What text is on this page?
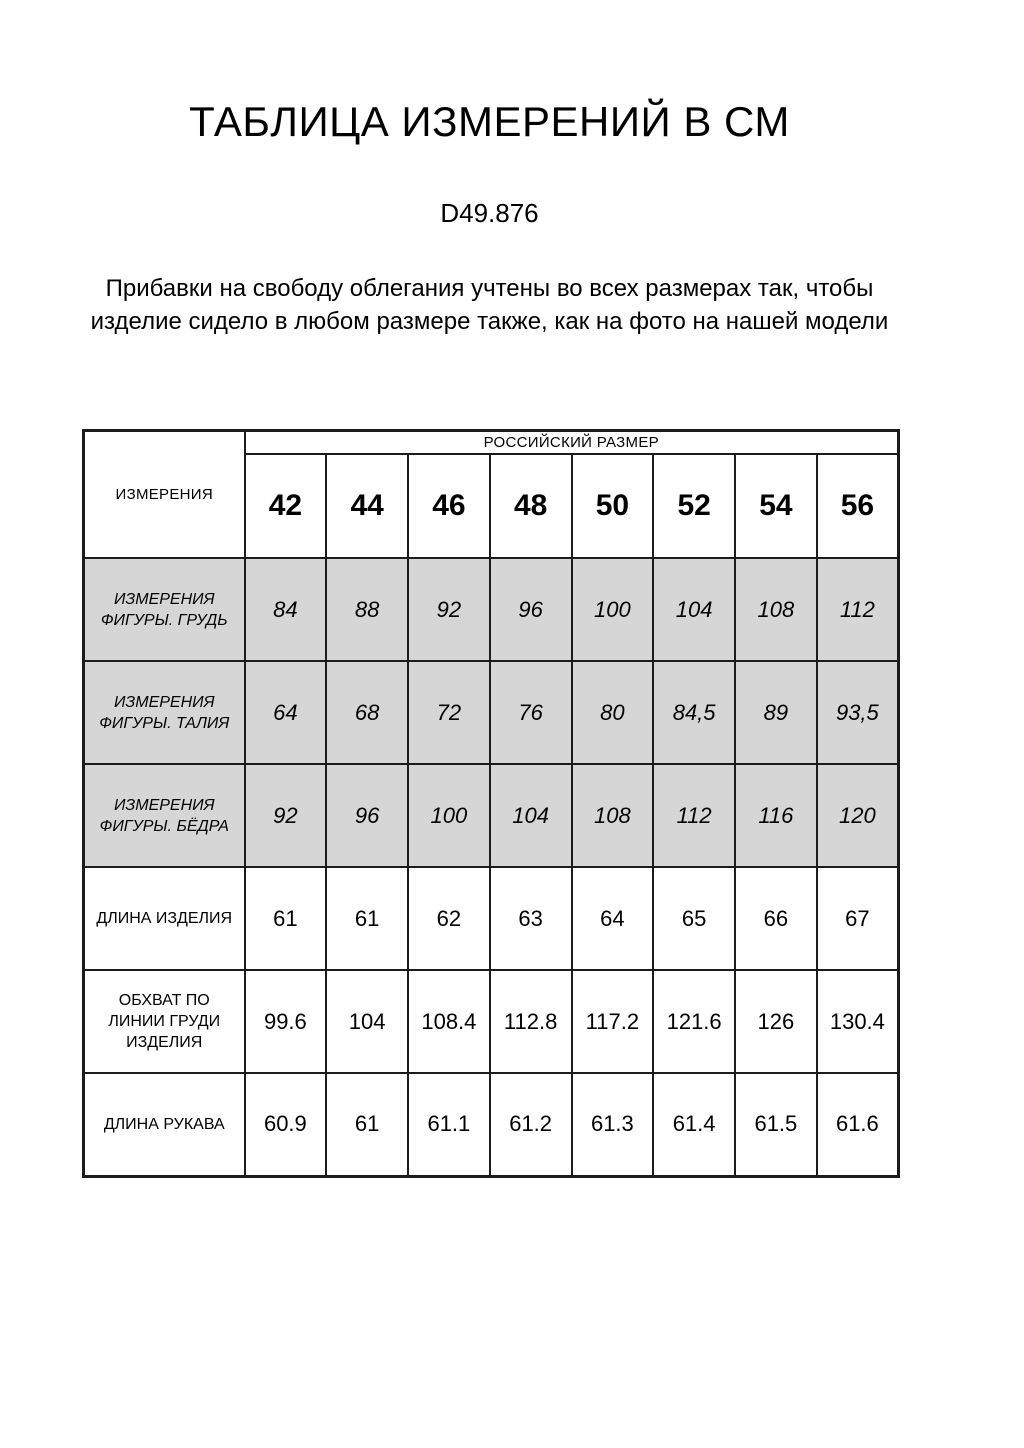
ТАБЛИЦА ИЗМЕРЕНИЙ В СМ
D49.876

Прибавки на свободу облегания учтены во всех размерах так, чтобы изделие сидело в любом размере также, как на фото на нашей модели

ИЗМЕРЕНИЯ	РОССИЙСКИЙ РАЗМЕР							
	42	44	46	48	50	52	54	56
ИЗМЕРЕНИЯ ФИГУРЫ. ГРУДЬ	84	88	92	96	100	104	108	112
ИЗМЕРЕНИЯ ФИГУРЫ. ТАЛИЯ	64	68	72	76	80	84,5	89	93,5
ИЗМЕРЕНИЯ ФИГУРЫ. БЁДРА	92	96	100	104	108	112	116	120
ДЛИНА ИЗДЕЛИЯ	61	61	62	63	64	65	66	67
ОБХВАТ ПО ЛИНИИ ГРУДИ ИЗДЕЛИЯ	99.6	104	108.4	112.8	117.2	121.6	126	130.4
ДЛИНА РУКАВА	60.9	61	61.1	61.2	61.3	61.4	61.5	61.6
